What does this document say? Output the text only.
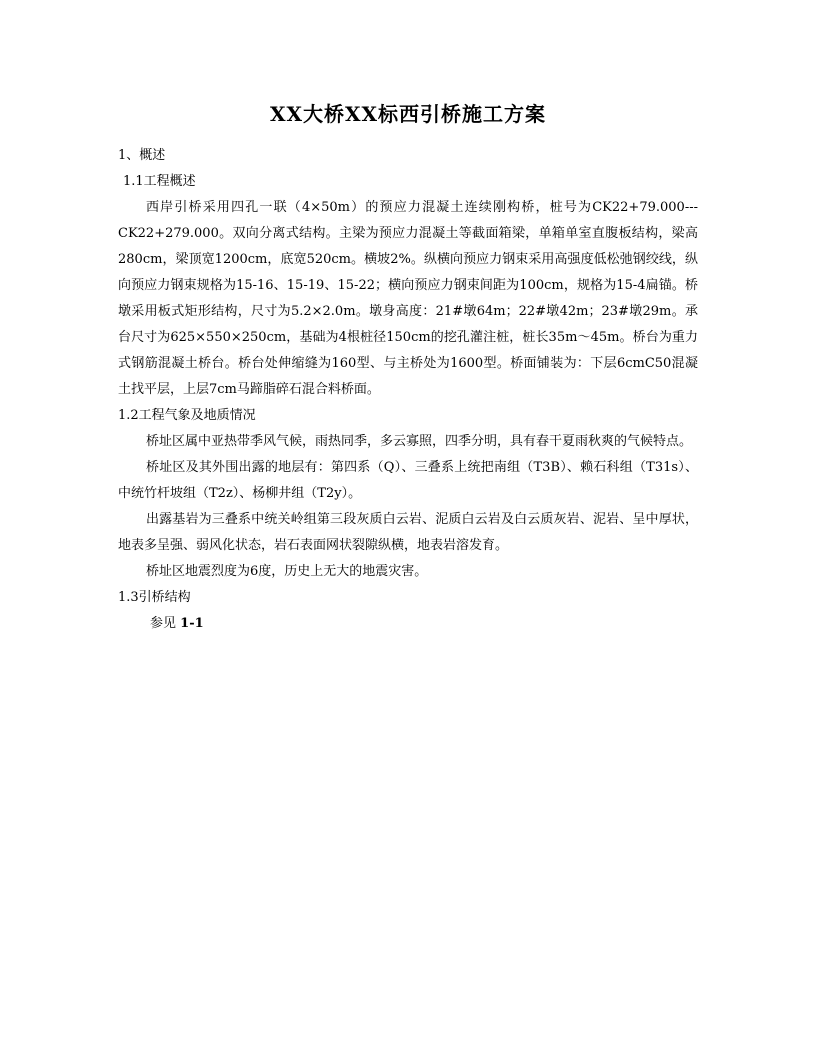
XX大桥XX标西引桥施工方案

1、概述

1.1工程概述

西岸引桥采用四孔一联（4×50m）的预应力混凝土连续刚构桥，桩号为CK22+79.000---CK22+279.000。双向分离式结构。主梁为预应力混凝土等截面箱梁，单箱单室直腹板结构，梁高280cm，梁顶宽1200cm，底宽520cm。横坡2%。纵横向预应力钢束采用高强度低松弛钢绞线，纵向预应力钢束规格为15-16、15-19、15-22；横向预应力钢束间距为100cm，规格为15-4扁锚。桥墩采用板式矩形结构，尺寸为5.2×2.0m。墩身高度：21#墩64m；22#墩42m；23#墩29m。承台尺寸为625×550×250cm，基础为4根桩径150cm的挖孔灌注桩，桩长35m～45m。桥台为重力式钢筋混凝土桥台。桥台处伸缩缝为160型、与主桥处为1600型。桥面铺装为：下层6cmC50混凝土找平层，上层7cm马蹄脂碎石混合料桥面。

1.2工程气象及地质情况

桥址区属中亚热带季风气候，雨热同季，多云寡照，四季分明，具有春干夏雨秋爽的气候特点。

桥址区及其外围出露的地层有：第四系（Q）、三叠系上统把南组（T3B）、赖石科组（T31s）、中统竹杆坡组（T2z）、杨柳井组（T2y）。

出露基岩为三叠系中统关岭组第三段灰质白云岩、泥质白云岩及白云质灰岩、泥岩、呈中厚状，地表多呈强、弱风化状态，岩石表面网状裂隙纵横，地表岩溶发育。

桥址区地震烈度为6度，历史上无大的地震灾害。

1.3引桥结构

参见 1-1
